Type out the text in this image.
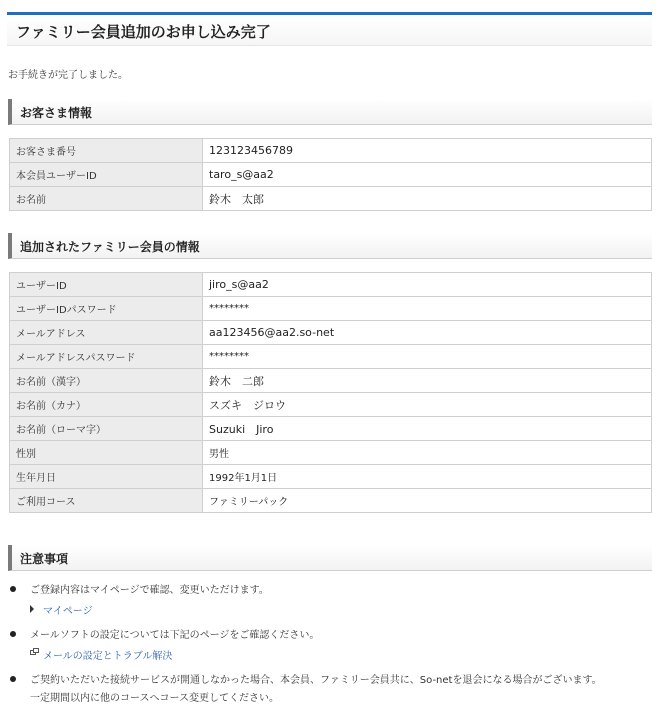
ファミリー会員追加のお申し込み完了
お手続きが完了しました。
お客さま情報
お客さま番号	123123456789
本会員ユーザーID	taro_s@aa2
お名前	鈴木　太郎
追加されたファミリー会員の情報
ユーザーID	jiro_s@aa2
ユーザーIDパスワード	********
メールアドレス	aa123456@aa2.so-net
メールアドレスパスワード	********
お名前（漢字）	鈴木　二郎
お名前（カナ）	スズキ　ジロウ
お名前（ローマ字）	Suzuki　Jiro
性別	男性
生年月日	1992年1月1日
ご利用コース	ファミリーパック
注意事項
ご登録内容はマイページで確認、変更いただけます。
マイページ
メールソフトの設定については下記のページをご確認ください。
メールの設定とトラブル解決
ご契約いただいた接続サービスが開通しなかった場合、本会員、ファミリー会員共に、So-netを退会になる場合がございます。
一定期間以内に他のコースへコース変更してください。
